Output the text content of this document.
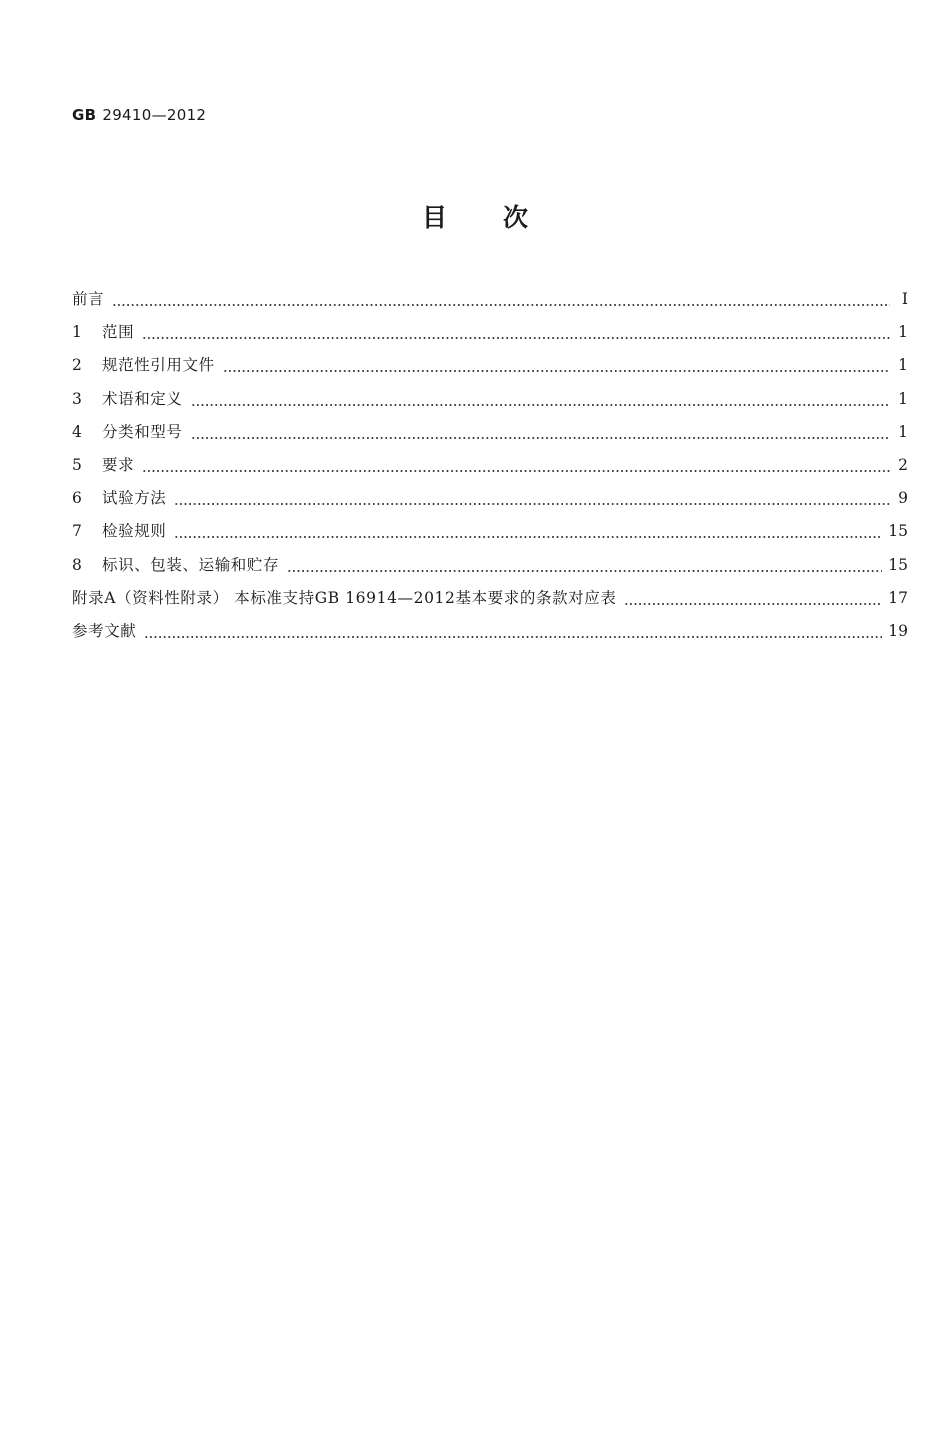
GB 29410—2012
目次
前言	Ⅰ
1	范围	1
2	规范性引用文件	1
3	术语和定义	1
4	分类和型号	1
5	要求	2
6	试验方法	9
7	检验规则	15
8	标识、包装、运输和贮存	15
附录A（资料性附录） 本标准支持GB 16914—2012基本要求的条款对应表	17
参考文献	19
